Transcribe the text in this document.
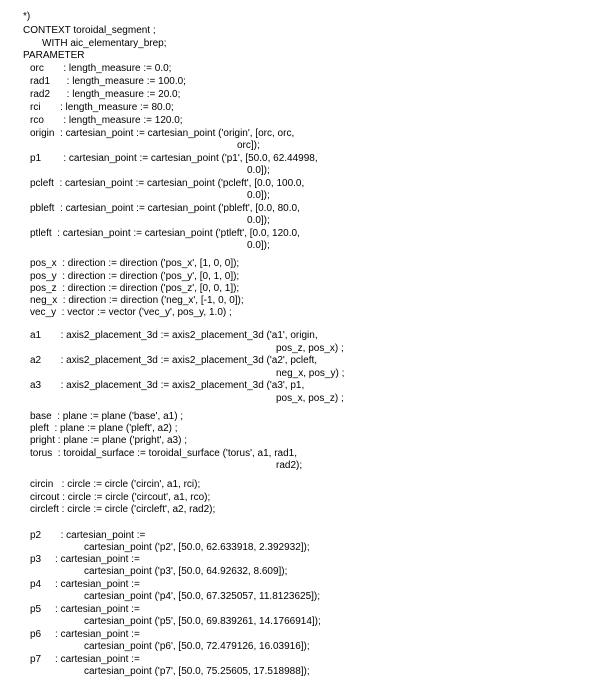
*)
CONTEXT toroidal_segment ;
WITH aic_elementary_brep;
PARAMETER
orc       : length_measure := 0.0;
rad1      : length_measure := 100.0;
rad2      : length_measure := 20.0;
rci       : length_measure := 80.0;
rco       : length_measure := 120.0;
origin  : cartesian_point := cartesian_point ('origin', [orc, orc,
orc]);
p1        : cartesian_point := cartesian_point ('p1', [50.0, 62.44998,
0.0]);
pcleft  : cartesian_point := cartesian_point ('pcleft', [0.0, 100.0,
0.0]);
pbleft  : cartesian_point := cartesian_point ('pbleft', [0.0, 80.0,
0.0]);
ptleft  : cartesian_point := cartesian_point ('ptleft', [0.0, 120.0,
0.0]);
pos_x  : direction := direction ('pos_x', [1, 0, 0]);
pos_y  : direction := direction ('pos_y', [0, 1, 0]);
pos_z  : direction := direction ('pos_z', [0, 0, 1]);
neg_x  : direction := direction ('neg_x', [-1, 0, 0]);
vec_y  : vector := vector ('vec_y', pos_y, 1.0) ;
a1       : axis2_placement_3d := axis2_placement_3d ('a1', origin,
pos_z, pos_x) ;
a2       : axis2_placement_3d := axis2_placement_3d ('a2', pcleft,
neg_x, pos_y) ;
a3       : axis2_placement_3d := axis2_placement_3d ('a3', p1,
pos_x, pos_z) ;
base  : plane := plane ('base', a1) ;
pleft  : plane := plane ('pleft', a2) ;
pright : plane := plane ('pright', a3) ;
torus  : toroidal_surface := toroidal_surface ('torus', a1, rad1,
rad2);
circin   : circle := circle ('circin', a1, rci);
circout : circle := circle ('circout', a1, rco);
circleft : circle := circle ('circleft', a2, rad2);
p2       : cartesian_point :=
cartesian_point ('p2', [50.0, 62.633918, 2.392932]);
p3     : cartesian_point :=
cartesian_point ('p3', [50.0, 64.92632, 8.609]);
p4     : cartesian_point :=
cartesian_point ('p4', [50.0, 67.325057, 11.8123625]);
p5     : cartesian_point :=
cartesian_point ('p5', [50.0, 69.839261, 14.1766914]);
p6     : cartesian_point :=
cartesian_point ('p6', [50.0, 72.479126, 16.03916]);
p7     : cartesian_point :=
cartesian_point ('p7', [50.0, 75.25605, 17.518988]);
